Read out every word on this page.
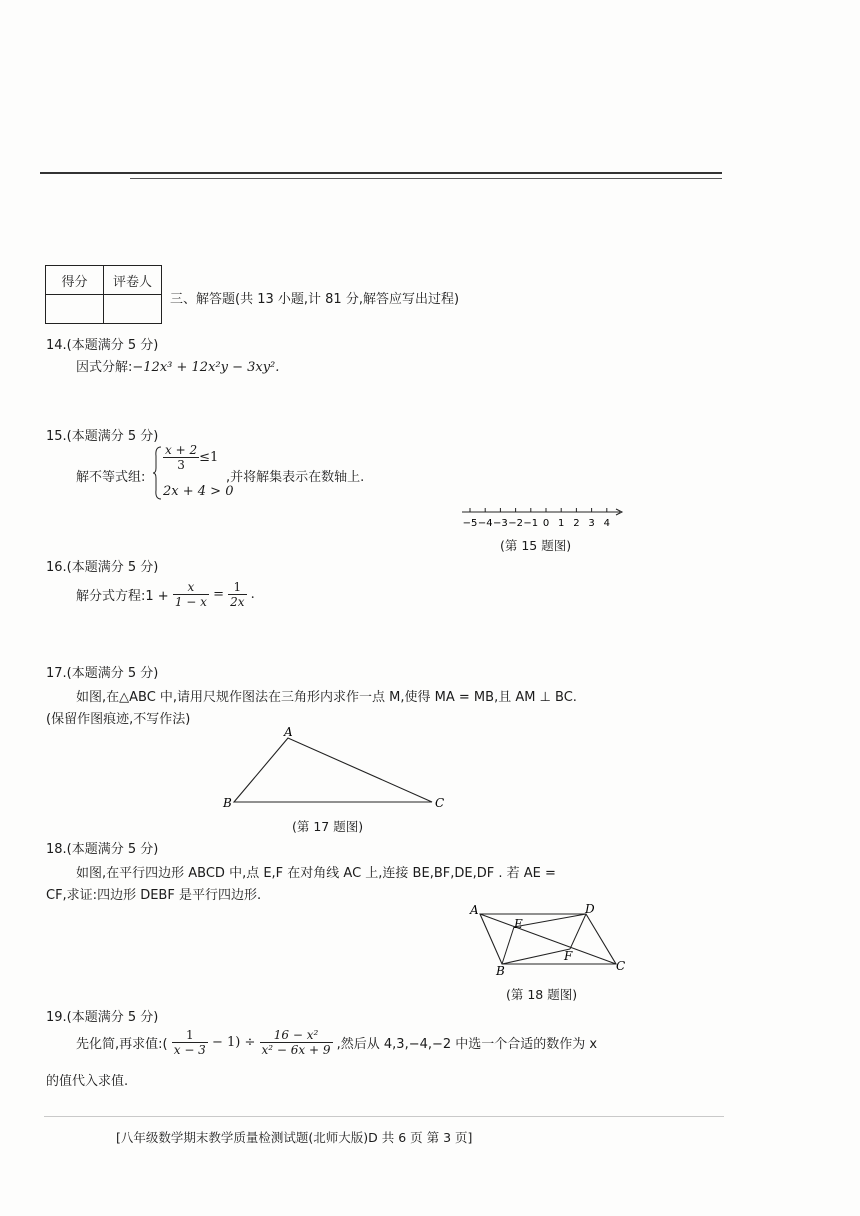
得分	评卷人

三、解答题(共 13 小题,计 81 分,解答应写出过程)
14.(本题满分 5 分)
因式分解:−12x³ + 12x²y − 3xy².
15.(本题满分 5 分)
解不等式组:
$\frac{x + 2}{3} \le 1$
,并将解集表示在数轴上.
2x + 4 > 0
−5 −4 −3 −2 −1 0 1 2 3 4
(第 15 题图)
16.(本题满分 5 分)
解分式方程:1 + $\frac{x}{1 - x} = \frac{1}{2x}$ .
17.(本题满分 5 分)
如图,在△ABC 中,请用尺规作图法在三角形内求作一点 M,使得 MA = MB,且 AM ⊥ BC.
(保留作图痕迹,不写作法)
A
B	C
(第 17 题图)
18.(本题满分 5 分)
如图,在平行四边形 ABCD 中,点 E,F 在对角线 AC 上,连接 BE,BF,DE,DF . 若 AE =
CF,求证:四边形 DEBF 是平行四边形.
A	D
E
F
B	C
(第 18 题图)
19.(本题满分 5 分)
先化简,再求值:( $\frac{1}{x - 3} - 1) \div \frac{\text{16 − x²}}{\text{x² − 6x + 9}}$ ,然后从 4,3,−4,−2 中选一个合适的数作为 x
的值代入求值.
[八年级数学期末教学质量检测试题(北师大版)D 共 6 页 第 3 页]
